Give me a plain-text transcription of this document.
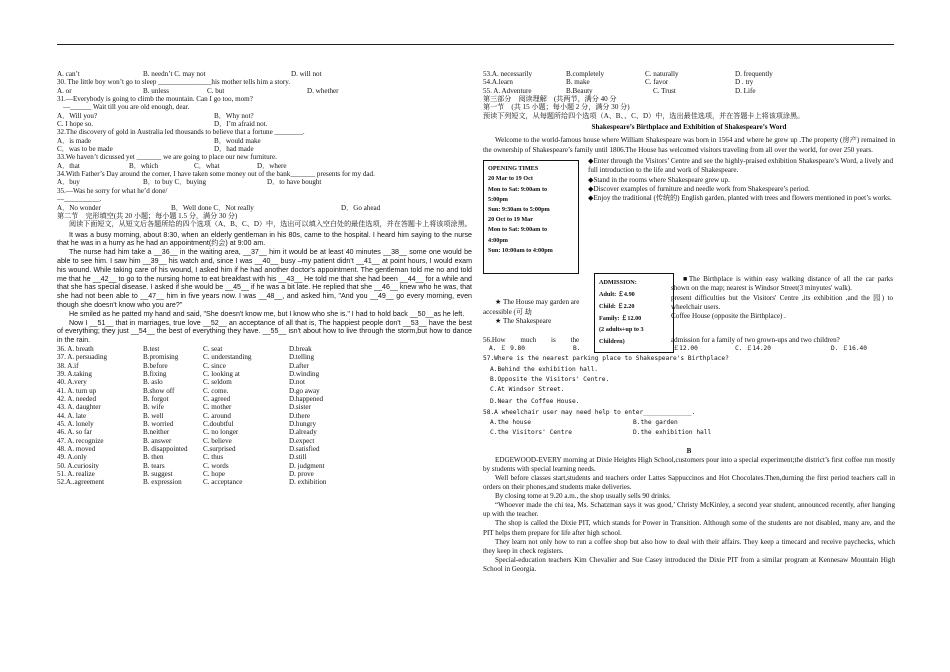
A. can’t	B. needn’t C. may not	D. will not
30. The little boy won’t go to sleep _______________his mother tells him a story.
A. or	B. unless	C. but	D. whether
31.—Everybody is going to climb the mountain. Can I go too, mom?
—______ Wait till you are old enough, dear.
A．Will you?	B．Why not?
C. I hope so.	D．I’m afraid not.
32.The discovery of gold in Australia led thousands to believe that a fortune ________.
A．is made	B．would make
C．was to be made	D．had made
33.We haven’t dicussed yet _______ we are going to place our new furniture.
A．that	B．which	C．what	D．where
34.With Father’s Day around the corner, I have taken some money out of the bank_______ presents for my dad.
A．buy	B．to buy C．buying	D．to have bought
35.—Was he sorry for what he’d done/
—__________.
A．No wonder	B．Well done C．Not really	D．Go ahead
第二节　完形填空(共 20 小题；每小题 1.5 分，满分 30 分)
阅读下面短文，从短文后各题所给的四个选项（A、B、C、D）中，选出可以填入空白处的最佳选项，并在答题卡上将该项涂黑。
It was a busy morning, about 8:30, when an elderly gentleman in his 80s, came to the hospital. I heard him saying to the nurse that he was in a hurry as he had an appointment(约会) at 9:00 am.
The nurse had him take a __36__ in the waiting area, __37__ him it would be at least 40 minutes __38__ some one would be able to see him. I saw him __39__ his watch and, since I was __40__ busy –my patient didn’t __41__ at point hours, I would exam his wound. While taking care of his wound, I asked him if he had another doctor's appointment. The gentleman told me no and told me that he __42__ to go to the nursing home to eat breakfast with his __43__ He told me that she had been __44__ for a while and that she has special disease. I asked if she would be __45__ if he was a bit late. He replied that she __46__ knew who he was, that she had not been able to __47__ him in five years now. I was __48__, and asked him, "And you __49__ go every morning, even though she doesn't know who you are?"
He smiled as he patted my hand and said, "She doesn't know me, but I know who she is." I had to hold back __50__as he left.
Now I __51__ that in marriages, true love __52__ an acceptance of all that is, The happiest people don't __53__ have the best of everything; they just __54__ the best of everything they have. __55__ isn't about how to live through the storm,but how to dance in the rain.
36. A. breath	B.test	C. seat	D.break
37. A. persuading	B.promising	C. understanding	D.telling
38. A.if	B.before	C. since	D.after
39. A.taking	B.fixing	C. looking at	D.winding
40. A.very	B. aslo	C. seldom	D.not
41. A. turn up	B.show off	C. come.	D.go away
42. A. needed	B. forgot	C. agreed	D.happened
43. A. daughter	B. wife	C. mother	D.sister
44. A. late	B. well	C. around	D.there
45. A. lonely	B. worried	C.doubtful	D.hungry
46. A. so far	B.neither	C. no longer	D.already
47. A. recognize	B. answer	C. believe	D.expect
48. A. moved	B. disappointed C.surprised	D.satisfied
49. A.only	B. then	C. thus	D.still
50. A.curiosity	B. tears	C. words	D. judgment
51. A. realize	B. suggest	C. hope	D. prove
52.A..agreement	B. expression	C. acceptance	D. exhibition
53.A. necessarily	B.completely	C. naturally	D. frequently
54.A.learn	B. make	C. favor	D . try
55. A. Adventure	B.Beauty	C. Trust	D. Life
第三部分　阅读理解　(共两节，满分 40 分
第一节　(共 15 小题；每小题 2 分，满分 30 分)
预读下列短文，从每题所给四个选项（A、B、、C、D）中，选出最佳选项，并在答题卡上将该项涂黑。
Shakespeare’s Birthplace and Exhibition of Shakespeare’s Word
Welcome to the world-famous house where William Shakespeare was born in 1564 and where he grew up .The property (房产) remained in the ownership of Shakespeare’s family until 1806.The House has welcomed visitors traveling from all over the world, for over 250 years.
OPENING TIMES
20 Mar to 19 Oct
Mon to Sat: 9:00am to
5:00pm
Sun: 9:30am to 5:00pm
20 Oct to 19 Mar
Mon to Sat: 9:00am to
4:00pm
Sun: 10:00am to 4:00pm
◆Enter through the Visitors’ Centre and see the highly-praised exhibition Shakespeare’s Word, a lively and full introduction to the life and work of Shakespeare.
◆Stand in the rooms where Shakespeare grew up.
◆Discover examples of furniture and needle work from Shakespeare’s period.
◆Enjoy the traditional (传统的) English garden, planted with trees and flowers mentioned in poet’s works.
ADMISSION:
Adult: ￡4.90
Child: ￡2.20
Family: ￡12.00
(2 adults+up to 3
Children)
■The Birthplace is within easy walking distance of all the car parks shown on the map; nearest is Windsor Street(3 minyutes' walk).
present difficulties but the Visitors' Centre ,its exhibition ,and the 园) to wheelchair users.
Coffee House (opposite the Birthplace) .
★ The House may garden are accessible (可 劫
★ The Shakespeare
56.How much is the	admission for a family of two grown-ups and two children?
A. ￡ 9.80	B.	￡12.00	C. ￡14.20	D. ￡16.40
57.Where is the nearest parking place to Shakespeare's Birthplace?
A.Behind the exhibition hall.
B.Opposite the Visitors' Centre.
C.At Windsor Street.
D.Near the Coffee House.
58.A wheelchair user may need help to enter_____________.
A.the house	B.the garden
C.the Visitors' Centre	D.the exhibition hall
B
EDGEWOOD-EVERY morning at Dixie Heights High School,customers pour into a special experiment;the district’s first coffee run mostly by students with special learning needs.
Well before classes start,students and teachers order Lattes Sappuccinos and Hot Chocolates.Then,durning the first period teachers call in orders on their phones,and students make deliveries.
By closing tome at 9.20 a.m., the shop usually sells 90 drinks.
“Whoever made the chi tea, Ms. Schatzman says it was good,’ Christy McKinley, a second year student, announced recently, after hanging up with the teacher.
The shop is called the Dixie PIT, which stands for Power in Transition. Although some of the students are not disabled, many are, and the PIT helps them prepare for life after high school.
They learn not only how to run a coffee shop but also how to deal with their affairs. They keep a timecard and receive paychecks, which they keep in check registers.
Special-education teachers Kim Chevalier and Sue Casey introduced the Dixie PIT from a similar program at Kennesaw Mountain High School in Georgia.
